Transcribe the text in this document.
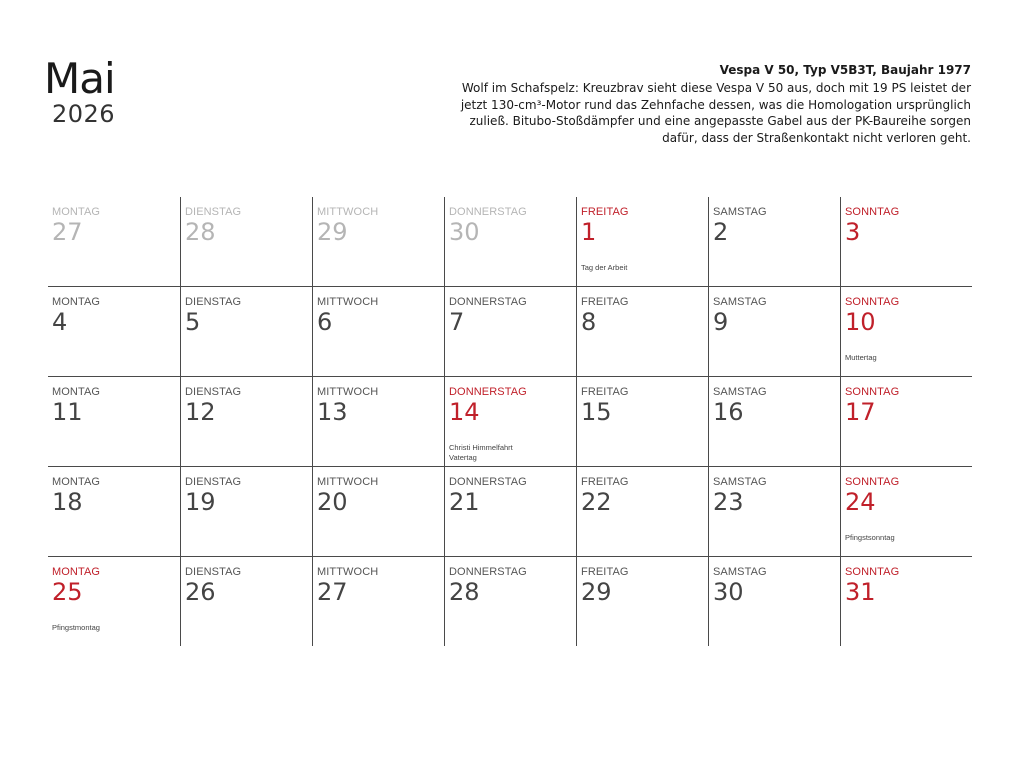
Mai
2026
Vespa V 50, Typ V5B3T, Baujahr 1977
Wolf im Schafspelz: Kreuzbrav sieht diese Vespa V 50 aus, doch mit 19 PS leistet der jetzt 130-cm³-Motor rund das Zehnfache dessen, was die Homologation ursprünglich zuließ. Bitubo-Stoßdämpfer und eine angepasste Gabel aus der PK-Baureihe sorgen dafür, dass der Straßenkontakt nicht verloren geht.
MONTAG
27
DIENSTAG
28
MITTWOCH
29
DONNERSTAG
30
FREITAG
1
Tag der Arbeit
SAMSTAG
2
SONNTAG
3
MONTAG
4
DIENSTAG
5
MITTWOCH
6
DONNERSTAG
7
FREITAG
8
SAMSTAG
9
SONNTAG
10
Muttertag
MONTAG
11
DIENSTAG
12
MITTWOCH
13
DONNERSTAG
14
Christi Himmelfahrt
Vatertag
FREITAG
15
SAMSTAG
16
SONNTAG
17
MONTAG
18
DIENSTAG
19
MITTWOCH
20
DONNERSTAG
21
FREITAG
22
SAMSTAG
23
SONNTAG
24
Pfingstsonntag
MONTAG
25
Pfingstmontag
DIENSTAG
26
MITTWOCH
27
DONNERSTAG
28
FREITAG
29
SAMSTAG
30
SONNTAG
31
